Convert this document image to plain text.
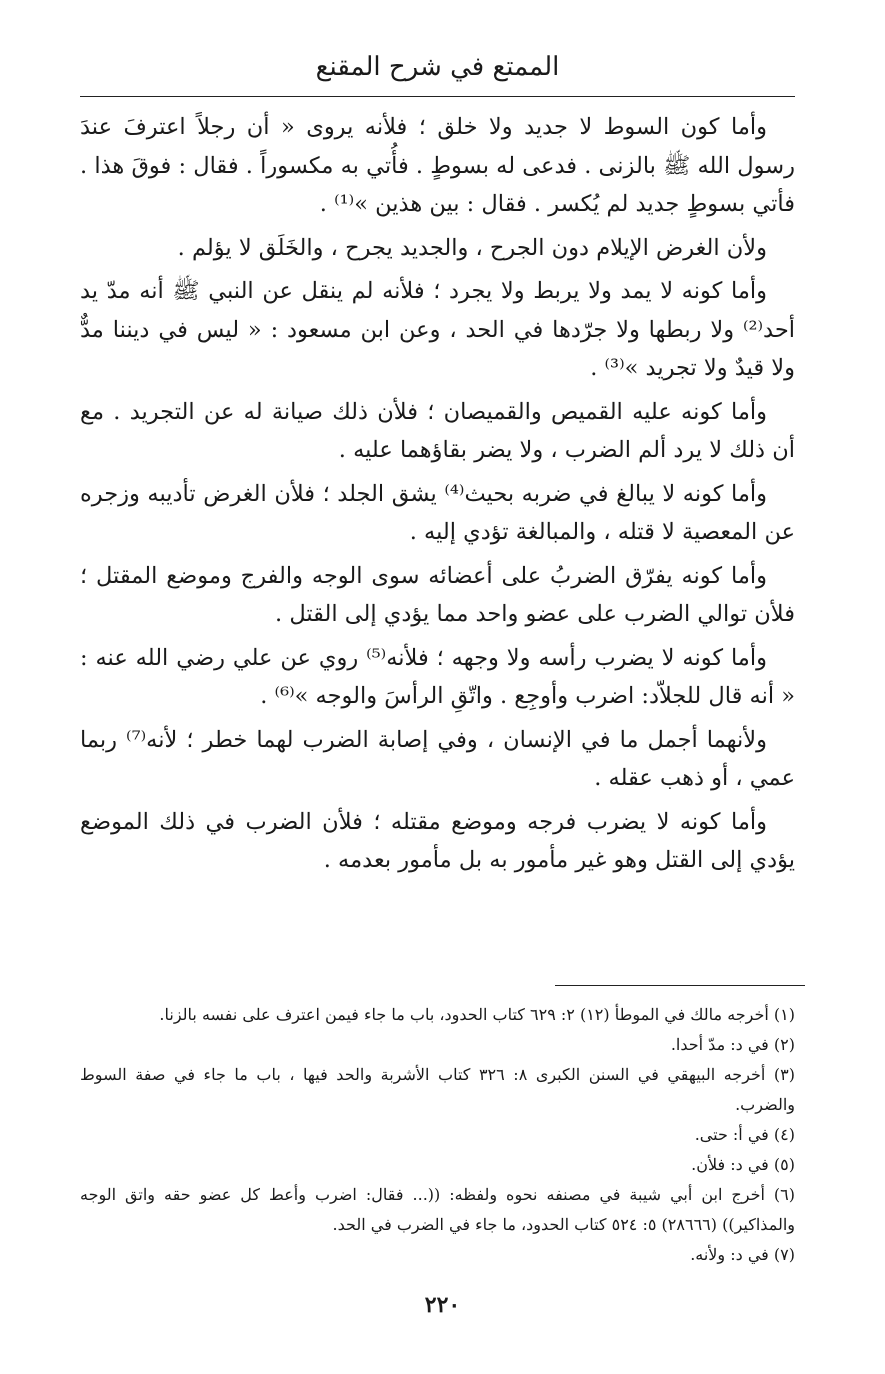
الممتع في شرح المقنع

وأما كون السوط لا جديد ولا خلق ؛ فلأنه يروى « أن رجلاً اعترفَ عندَ رسول الله ﷺ بالزنى . فدعى له بسوطٍ . فأُتي به مكسوراً . فقال : فوقَ هذا . فأتي بسوطٍ جديد لم يُكسر . فقال : بين هذين »⁽¹⁾ .

ولأن الغرض الإيلام دون الجرح ، والجديد يجرح ، والخَلَق لا يؤلم .

وأما كونه لا يمد ولا يربط ولا يجرد ؛ فلأنه لم ينقل عن النبي ﷺ أنه مدّ يد أحد⁽²⁾ ولا ربطها ولا جرّدها في الحد ، وعن ابن مسعود : « ليس في ديننا مدٌّ ولا قيدٌ ولا تجريد »⁽³⁾ .

وأما كونه عليه القميص والقميصان ؛ فلأن ذلك صيانة له عن التجريد . مع أن ذلك لا يرد ألم الضرب ، ولا يضر بقاؤهما عليه .

وأما كونه لا يبالغ في ضربه بحيث⁽⁴⁾ يشق الجلد ؛ فلأن الغرض تأديبه وزجره عن المعصية لا قتله ، والمبالغة تؤدي إليه .

وأما كونه يفرّق الضربُ على أعضائه سوى الوجه والفرج وموضع المقتل ؛ فلأن توالي الضرب على عضو واحد مما يؤدي إلى القتل .

وأما كونه لا يضرب رأسه ولا وجهه ؛ فلأنه⁽⁵⁾ روي عن علي رضي الله عنه : « أنه قال للجلاّد: اضرب وأوجِع . واتّقِ الرأسَ والوجه »⁽⁶⁾ .

ولأنهما أجمل ما في الإنسان ، وفي إصابة الضرب لهما خطر ؛ لأنه⁽⁷⁾ ربما عمي ، أو ذهب عقله .

وأما كونه لا يضرب فرجه وموضع مقتله ؛ فلأن الضرب في ذلك الموضع يؤدي إلى القتل وهو غير مأمور به بل مأمور بعدمه .

(١) أخرجه مالك في الموطأ (١٢) ٢: ٦٢٩ كتاب الحدود، باب ما جاء فيمن اعترف على نفسه بالزنا.

(٢) في د: مدّ أحدا.

(٣) أخرجه البيهقي في السنن الكبرى ٨: ٣٢٦ كتاب الأشربة والحد فيها ، باب ما جاء في صفة السوط والضرب.

(٤) في أ: حتى.

(٥) في د: فلأن.

(٦) أخرج ابن أبي شيبة في مصنفه نحوه ولفظه: ((... فقال: اضرب وأعط كل عضو حقه واتق الوجه والمذاكير)) (٢٨٦٦٦) ٥: ٥٢٤ كتاب الحدود، ما جاء في الضرب في الحد.

(٧) في د: ولأنه.

٢٢٠
